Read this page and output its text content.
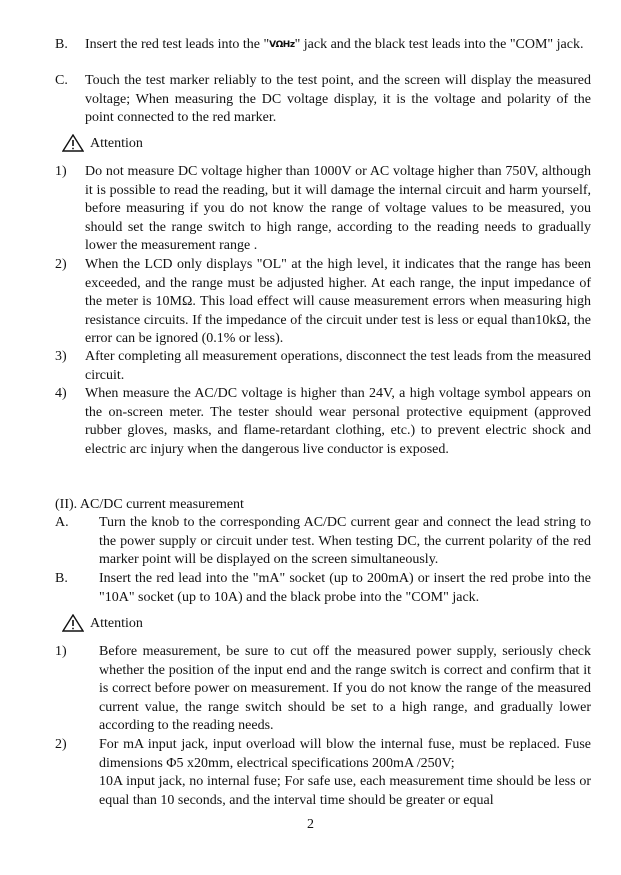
B. Insert the red test leads into the "VΩHz" jack and the black test leads into the "COM" jack.
C. Touch the test marker reliably to the test point, and the screen will display the measured voltage; When measuring the DC voltage display, it is the voltage and polarity of the point connected to the red marker.
Attention
1) Do not measure DC voltage higher than 1000V or AC voltage higher than 750V, although it is possible to read the reading, but it will damage the internal circuit and harm yourself, before measuring if you do not know the range of voltage values to be measured, you should set the range switch to high range, according to the reading needs to gradually lower the measurement range .
2) When the LCD only displays "OL" at the high level, it indicates that the range has been exceeded, and the range must be adjusted higher. At each range, the input impedance of the meter is 10MΩ. This load effect will cause measurement errors when measuring high resistance circuits. If the impedance of the circuit under test is less or equal than10kΩ, the error can be ignored (0.1% or less).
3) After completing all measurement operations, disconnect the test leads from the measured circuit.
4) When measure the AC/DC voltage is higher than 24V, a high voltage symbol appears on the on-screen meter. The tester should wear personal protective equipment (approved rubber gloves, masks, and flame-retardant clothing, etc.) to prevent electric shock and electric arc injury when the dangerous live conductor is exposed.
(II). AC/DC current measurement
A. Turn the knob to the corresponding AC/DC current gear and connect the lead string to the power supply or circuit under test. When testing DC, the current polarity of the red marker point will be displayed on the screen simultaneously.
B. Insert the red lead into the "mA" socket (up to 200mA) or insert the red probe into the "10A" socket (up to 10A) and the black probe into the "COM" jack.
Attention
1) Before measurement, be sure to cut off the measured power supply, seriously check whether the position of the input end and the range switch is correct and confirm that it is correct before power on measurement. If you do not know the range of the measured current value, the range switch should be set to a high range, and gradually lower according to the reading needs.
2) For mA input jack, input overload will blow the internal fuse, must be replaced. Fuse dimensions Φ5 x20mm, electrical specifications 200mA /250V;
10A input jack, no internal fuse; For safe use, each measurement time should be less or equal than 10 seconds, and the interval time should be greater or equal
2
